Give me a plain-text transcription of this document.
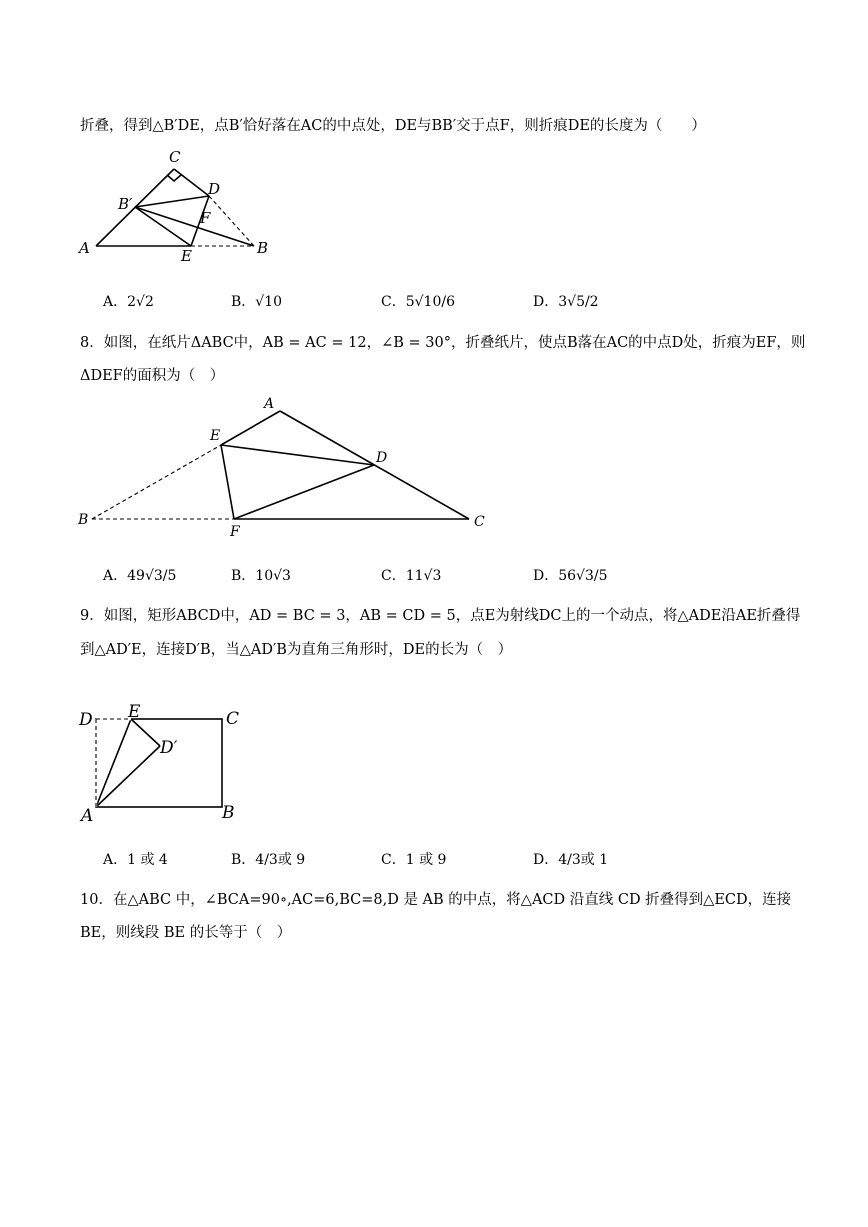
折叠，得到△B′DE，点B′恰好落在AC的中点处，DE与BB′交于点F，则折痕DE的长度为（　　）
C
D
B′
F
A	E	B
A．2√2	B．√10	C．5√10/6	D．3√5/2
8．如图，在纸片ΔABC中，AB = AC = 12，∠B = 30°，折叠纸片，使点B落在AC的中点D处，折痕为EF，则
ΔDEF的面积为（　）
A
E
D
B
F
C
A．49√3/5	B．10√3	C．11√3	D．56√3/5
9．如图，矩形ABCD中，AD = BC = 3，AB = CD = 5，点E为射线DC上的一个动点，将△ADE沿AE折叠得
到△AD′E，连接D′B，当△AD′B为直角三角形时，DE的长为（　）
D E	C
D′
A	B
A．1 或 4	B．4/3或 9	C．1 或 9	D．4/3或 1
10．在△ABC 中，∠BCA=90∘,AC=6,BC=8,D 是 AB 的中点，将△ACD 沿直线 CD 折叠得到△ECD，连接
BE，则线段 BE 的长等于（　）
